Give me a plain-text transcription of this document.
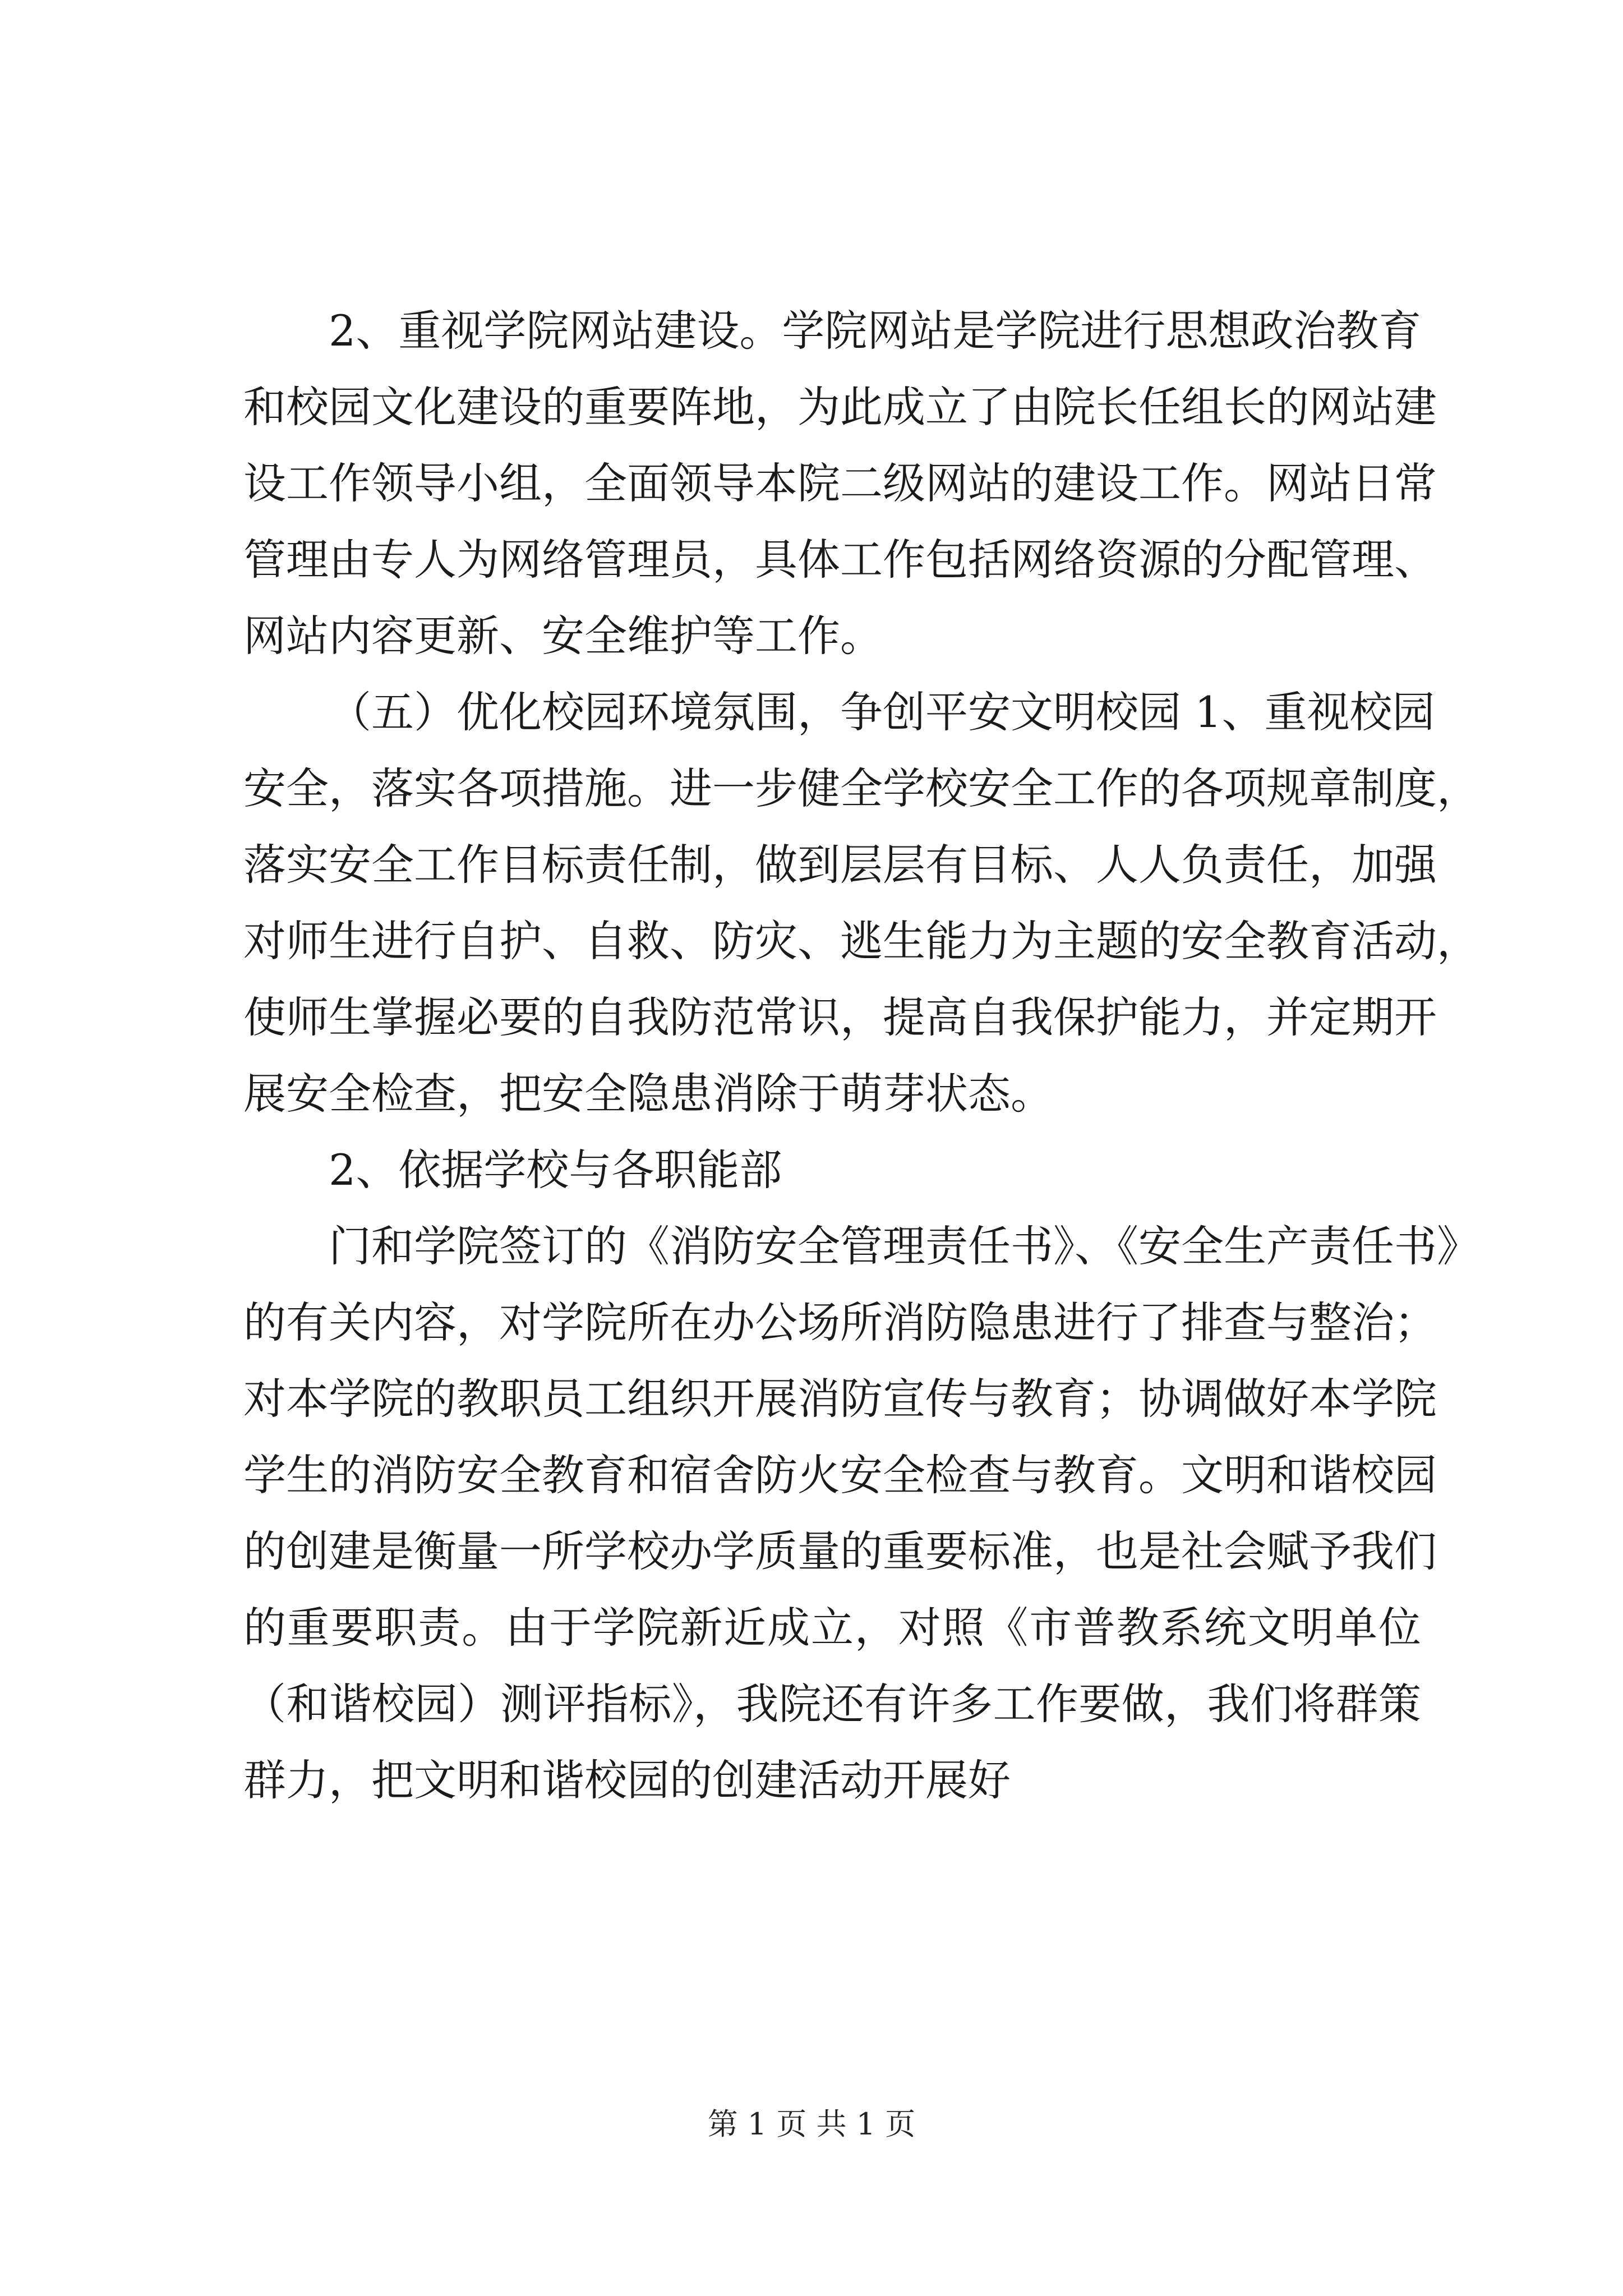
2、重视学院网站建设。学院网站是学院进行思想政治教育
和校园文化建设的重要阵地，为此成立了由院长任组长的网站建
设工作领导小组，全面领导本院二级网站的建设工作。网站日常
管理由专人为网络管理员，具体工作包括网络资源的分配管理、
网站内容更新、安全维护等工作。
（五）优化校园环境氛围，争创平安文明校园 1、重视校园
安全，落实各项措施。进一步健全学校安全工作的各项规章制度，
落实安全工作目标责任制，做到层层有目标、人人负责任，加强
对师生进行自护、自救、防灾、逃生能力为主题的安全教育活动，
使师生掌握必要的自我防范常识，提高自我保护能力，并定期开
展安全检查，把安全隐患消除于萌芽状态。
2、依据学校与各职能部
门和学院签订的《消防安全管理责任书》、《安全生产责任书》
的有关内容，对学院所在办公场所消防隐患进行了排查与整治；
对本学院的教职员工组织开展消防宣传与教育；协调做好本学院
学生的消防安全教育和宿舍防火安全检查与教育。文明和谐校园
的创建是衡量一所学校办学质量的重要标准，也是社会赋予我们
的重要职责。由于学院新近成立，对照《市普教系统文明单位
（和谐校园）测评指标》，我院还有许多工作要做，我们将群策
群力，把文明和谐校园的创建活动开展好
第 1 页 共 1 页
